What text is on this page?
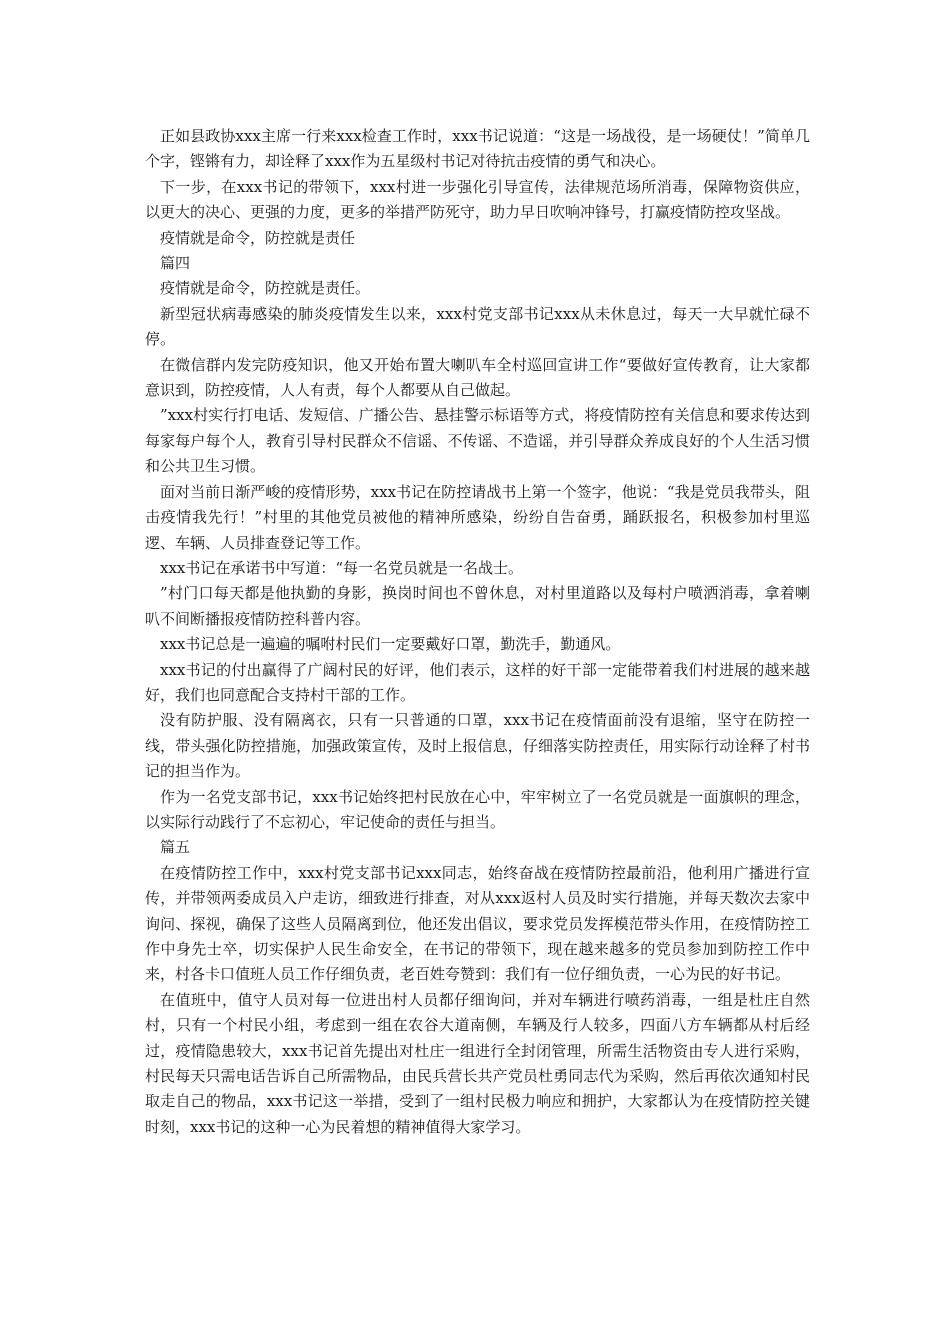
正如县政协xxx主席一行来xxx检查工作时，xxx书记说道：“这是一场战役，是一场硬仗！”简单几个字，铿锵有力，却诠释了xxx作为五星级村书记对待抗击疫情的勇气和决心。

下一步，在xxx书记的带领下，xxx村进一步强化引导宣传，法律规范场所消毒，保障物资供应，以更大的决心、更强的力度，更多的举措严防死守，助力早日吹响冲锋号，打赢疫情防控攻坚战。

疫情就是命令，防控就是责任

篇四

疫情就是命令，防控就是责任。

新型冠状病毒感染的肺炎疫情发生以来，xxx村党支部书记xxx从未休息过，每天一大早就忙碌不停。

在微信群内发完防疫知识，他又开始布置大喇叭车全村巡回宣讲工作“要做好宣传教育，让大家都意识到，防控疫情，人人有责，每个人都要从自己做起。

”xxx村实行打电话、发短信、广播公告、悬挂警示标语等方式，将疫情防控有关信息和要求传达到每家每户每个人，教育引导村民群众不信谣、不传谣、不造谣，并引导群众养成良好的个人生活习惯和公共卫生习惯。

面对当前日渐严峻的疫情形势，xxx书记在防控请战书上第一个签字，他说：“我是党员我带头，阻击疫情我先行！”村里的其他党员被他的精神所感染，纷纷自告奋勇，踊跃报名，积极参加村里巡逻、车辆、人员排查登记等工作。

xxx书记在承诺书中写道：“每一名党员就是一名战士。

”村门口每天都是他执勤的身影，换岗时间也不曾休息，对村里道路以及每村户喷洒消毒，拿着喇叭不间断播报疫情防控科普内容。

xxx书记总是一遍遍的嘱咐村民们一定要戴好口罩，勤洗手，勤通风。

xxx书记的付出赢得了广阔村民的好评，他们表示，这样的好干部一定能带着我们村进展的越来越好，我们也同意配合支持村干部的工作。

没有防护服、没有隔离衣，只有一只普通的口罩，xxx书记在疫情面前没有退缩，坚守在防控一线，带头强化防控措施，加强政策宣传，及时上报信息，仔细落实防控责任，用实际行动诠释了村书记的担当作为。

作为一名党支部书记，xxx书记始终把村民放在心中，牢牢树立了一名党员就是一面旗帜的理念，以实际行动践行了不忘初心，牢记使命的责任与担当。

篇五

在疫情防控工作中，xxx村党支部书记xxx同志，始终奋战在疫情防控最前沿，他利用广播进行宣传，并带领两委成员入户走访，细致进行排查，对从xxx返村人员及时实行措施，并每天数次去家中询问、探视，确保了这些人员隔离到位，他还发出倡议，要求党员发挥模范带头作用，在疫情防控工作中身先士卒，切实保护人民生命安全，在书记的带领下，现在越来越多的党员参加到防控工作中来，村各卡口值班人员工作仔细负责，老百姓夸赞到：我们有一位仔细负责，一心为民的好书记。

在值班中，值守人员对每一位进出村人员都仔细询问，并对车辆进行喷药消毒，一组是杜庄自然村，只有一个村民小组，考虑到一组在农谷大道南侧，车辆及行人较多，四面八方车辆都从村后经过，疫情隐患较大，xxx书记首先提出对杜庄一组进行全封闭管理，所需生活物资由专人进行采购，村民每天只需电话告诉自己所需物品，由民兵营长共产党员杜勇同志代为采购，然后再依次通知村民取走自己的物品，xxx书记这一举措，受到了一组村民极力响应和拥护，大家都认为在疫情防控关键时刻，xxx书记的这种一心为民着想的精神值得大家学习。
